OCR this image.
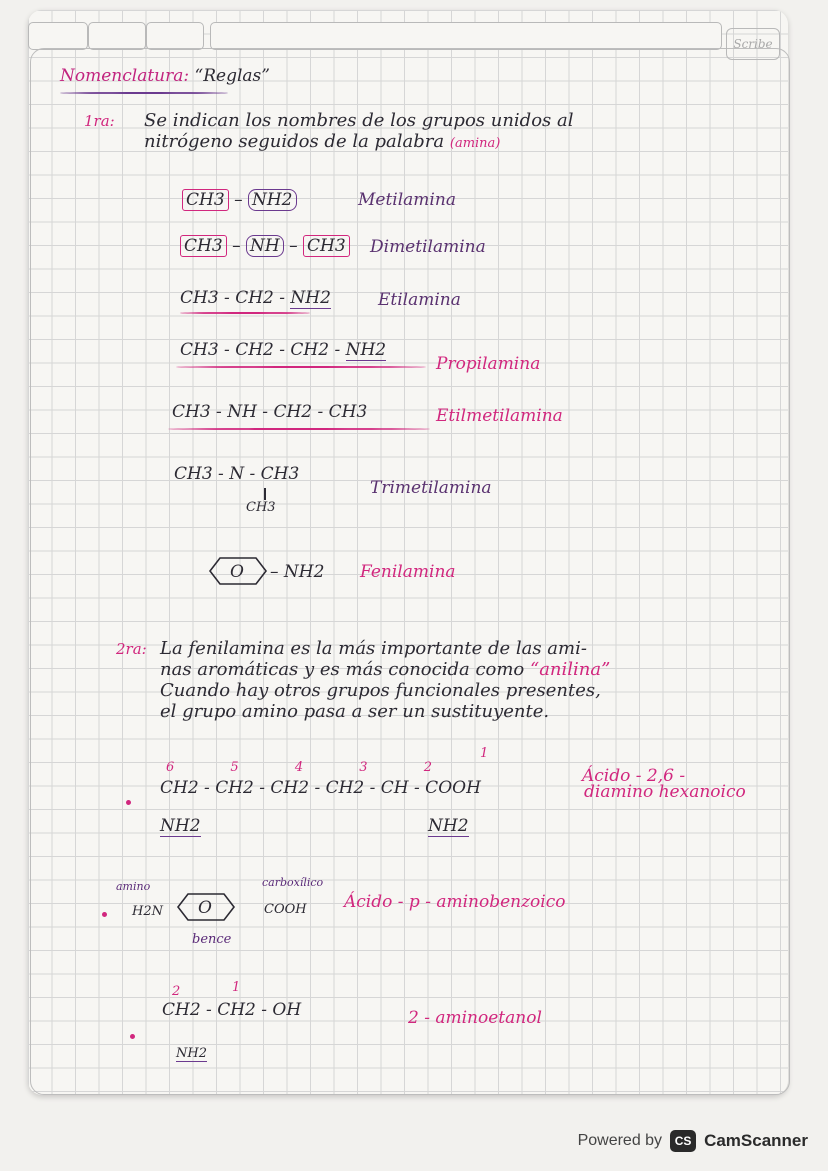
Scribe
Nomenclatura: “Reglas”
1ra: Se indican los nombres de los grupos unidos al
nitrógeno seguidos de la palabra (amina)
CH3 – NH2	Metilamina
CH3 – NH – CH3 Dimetilamina
CH3 - CH2 - NH2	Etilamina
CH3 - CH2 - CH2 - NH2
Propilamina
CH3 - NH - CH2 - CH3	Etilmetilamina
CH3 - N - CH3
CH3
Trimetilamina
O – NH2 Fenilamina
2ra: La fenilamina es la más importante de las ami-
nas aromáticas y es más conocida como “anilina”
Cuando hay otros grupos funcionales presentes,
el grupo amino pasa a ser un sustituyente.
6	5	4	3	2
1
CH2 - CH2 - CH2 - CH2 - CH - COOH
NH2	NH2
Ácido - 2,6 -
diamino hexanoico
amino	carboxílico
H2N O	COOH
bence
Ácido - p - aminobenzoico
2	1
CH2 - CH2 - OH
NH2
2 - aminoetanol
Powered by	CS CamScanner
